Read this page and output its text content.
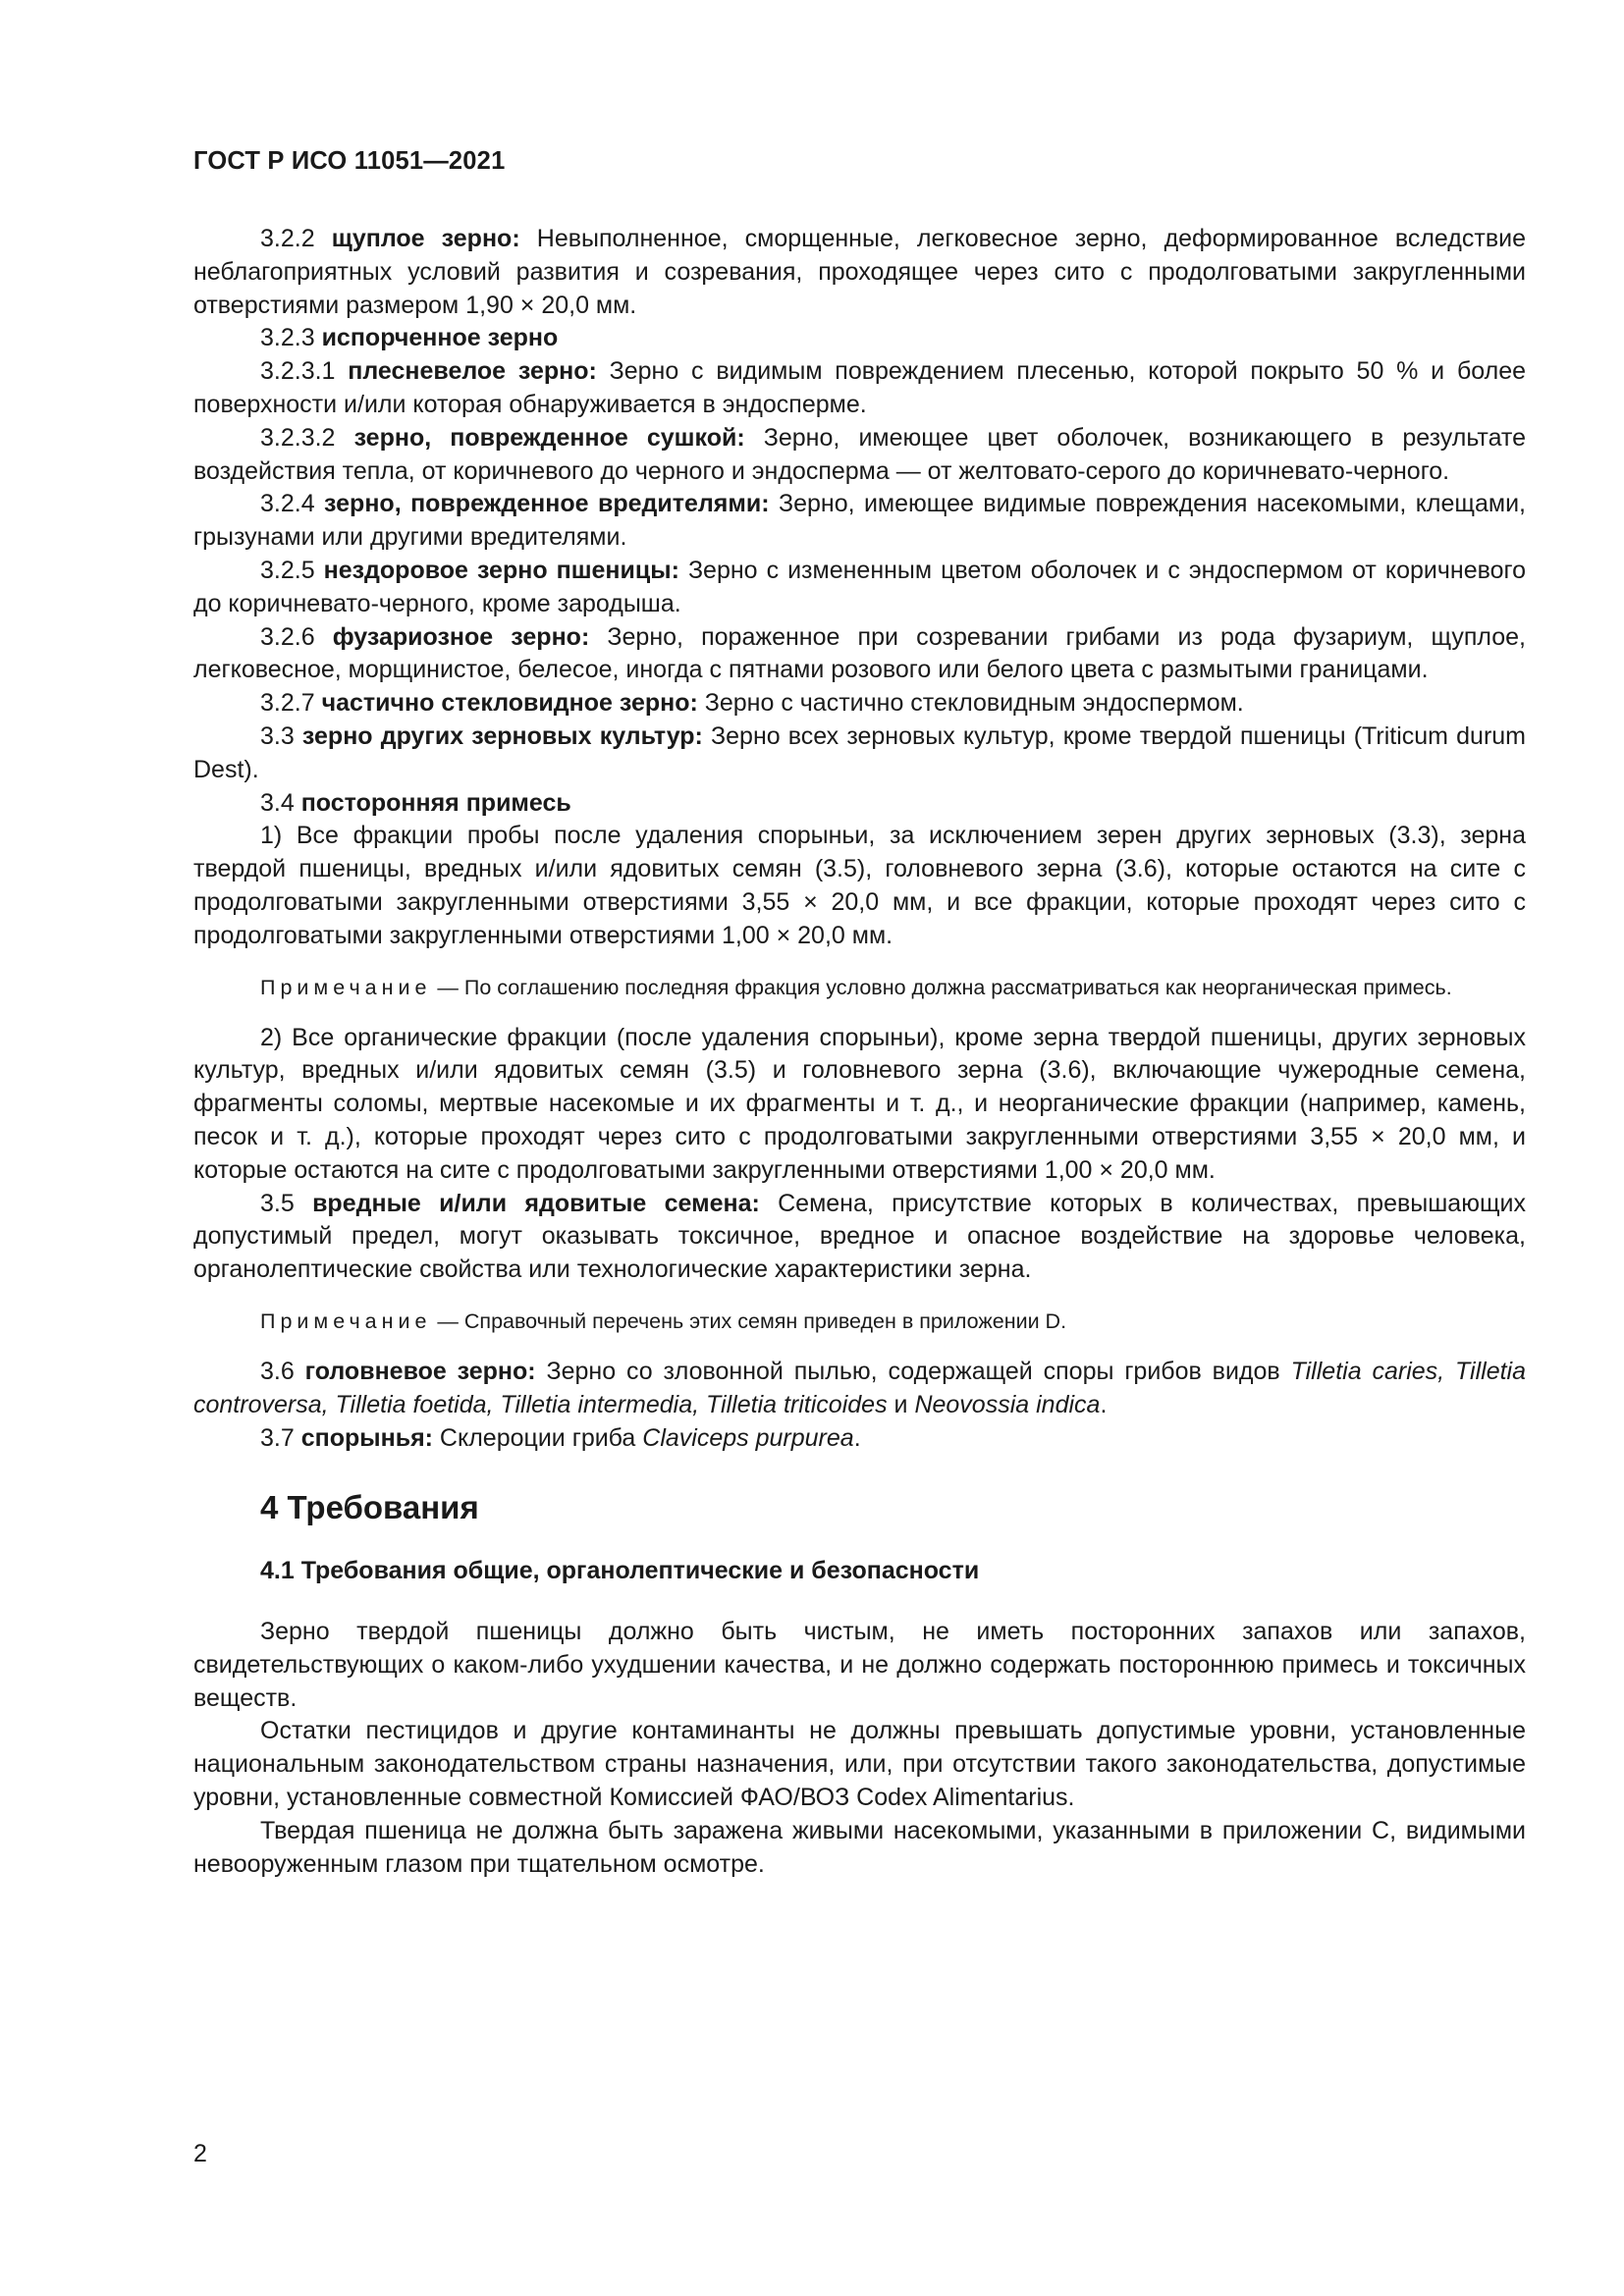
ГОСТ Р ИСО 11051—2021

3.2.2 щуплое зерно: Невыполненное, сморщенные, легковесное зерно, деформированное вследствие неблагоприятных условий развития и созревания, проходящее через сито с продолговатыми закругленными отверстиями размером 1,90 × 20,0 мм.

3.2.3 испорченное зерно

3.2.3.1 плесневелое зерно: Зерно с видимым повреждением плесенью, которой покрыто 50 % и более поверхности и/или которая обнаруживается в эндосперме.

3.2.3.2 зерно, поврежденное сушкой: Зерно, имеющее цвет оболочек, возникающего в результате воздействия тепла, от коричневого до черного и эндосперма — от желтовато-серого до коричневато-черного.

3.2.4 зерно, поврежденное вредителями: Зерно, имеющее видимые повреждения насекомыми, клещами, грызунами или другими вредителями.

3.2.5 нездоровое зерно пшеницы: Зерно с измененным цветом оболочек и с эндоспермом от коричневого до коричневато-черного, кроме зародыша.

3.2.6 фузариозное зерно: Зерно, пораженное при созревании грибами из рода фузариум, щуплое, легковесное, морщинистое, белесое, иногда с пятнами розового или белого цвета с размытыми границами.

3.2.7 частично стекловидное зерно: Зерно с частично стекловидным эндоспермом.

3.3 зерно других зерновых культур: Зерно всех зерновых культур, кроме твердой пшеницы (Triticum durum Dest).

3.4 посторонняя примесь

1) Все фракции пробы после удаления спорыньи, за исключением зерен других зерновых (3.3), зерна твердой пшеницы, вредных и/или ядовитых семян (3.5), головневого зерна (3.6), которые остаются на сите с продолговатыми закругленными отверстиями 3,55 × 20,0 мм, и все фракции, которые проходят через сито с продолговатыми закругленными отверстиями 1,00 × 20,0 мм.

Примечание — По соглашению последняя фракция условно должна рассматриваться как неорганическая примесь.

2) Все органические фракции (после удаления спорыньи), кроме зерна твердой пшеницы, других зерновых культур, вредных и/или ядовитых семян (3.5) и головневого зерна (3.6), включающие чужеродные семена, фрагменты соломы, мертвые насекомые и их фрагменты и т. д., и неорганические фракции (например, камень, песок и т. д.), которые проходят через сито с продолговатыми закругленными отверстиями 3,55 × 20,0 мм, и которые остаются на сите с продолговатыми закругленными отверстиями 1,00 × 20,0 мм.

3.5 вредные и/или ядовитые семена: Семена, присутствие которых в количествах, превышающих допустимый предел, могут оказывать токсичное, вредное и опасное воздействие на здоровье человека, органолептические свойства или технологические характеристики зерна.

Примечание — Справочный перечень этих семян приведен в приложении D.

3.6 головневое зерно: Зерно со зловонной пылью, содержащей споры грибов видов Tilletia caries, Tilletia controversa, Tilletia foetida, Tilletia intermedia, Tilletia triticoides и Neovossia indica.

3.7 спорынья: Склероции гриба Claviceps purpurea.

4 Требования
4.1 Требования общие, органолептические и безопасности

Зерно твердой пшеницы должно быть чистым, не иметь посторонних запахов или запахов, свидетельствующих о каком-либо ухудшении качества, и не должно содержать постороннюю примесь и токсичных веществ.

Остатки пестицидов и другие контаминанты не должны превышать допустимые уровни, установленные национальным законодательством страны назначения, или, при отсутствии такого законодательства, допустимые уровни, установленные совместной Комиссией ФАО/ВОЗ Codex Alimentarius.

Твердая пшеница не должна быть заражена живыми насекомыми, указанными в приложении С, видимыми невооруженным глазом при тщательном осмотре.

2
